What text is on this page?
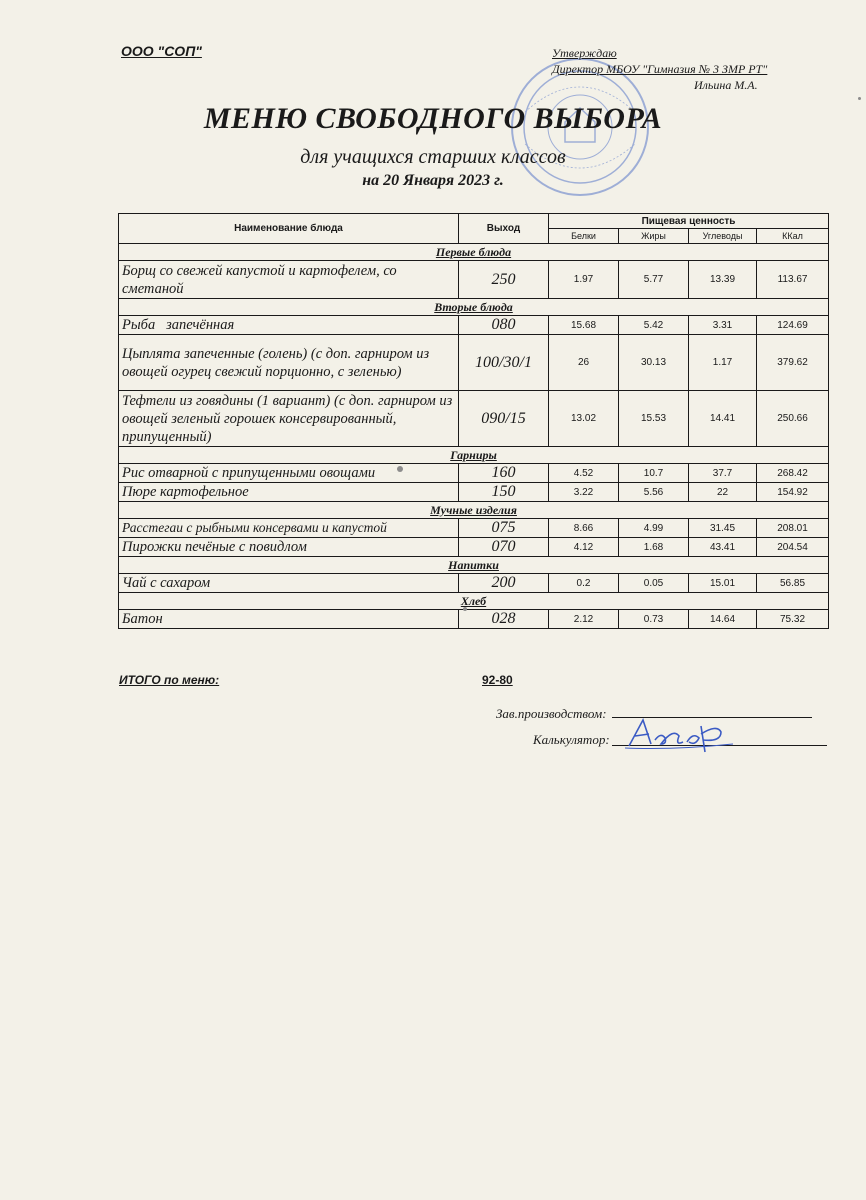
ООО "СОП"	Утверждаю
Директор МБОУ "Гимназия № 3 ЗМР РТ"
Ильина М.А.
МЕНЮ СВОБОДНОГО ВЫБОРА
для учащихся старших классов
на 20 Января 2023 г.
Наименование блюда	Выход	Пищевая ценность			
		Белки	Жиры	Углеводы	ККал
Первые блюда					
Борщ со свежей капустой и картофелем, со сметаной	250	1.97	5.77	13.39	113.67
Вторые блюда					
Рыба   запечённая	080	15.68	5.42	3.31	124.69
Цыплята запеченные (голень) (с доп. гарниром из овощей огурец свежий порционно, с зеленью)	100/30/1	26	30.13	1.17	379.62
Тефтели из говядины (1 вариант) (с доп. гарниром из овощей зеленый горошек консервированный, припущенный)	090/15	13.02	15.53	14.41	250.66
Гарниры					
Рис отварной с припущенными овощами	160	4.52	10.7	37.7	268.42
Пюре картофельное	150	3.22	5.56	22	154.92
Мучные изделия					
Расстегаи с рыбными консервами и капустой	075	8.66	4.99	31.45	208.01
Пирожки печёные с повидлом	070	4.12	1.68	43.41	204.54
Напитки					
Чай с сахаром	200	0.2	0.05	15.01	56.85
Хлеб					
Батон	028	2.12	0.73	14.64	75.32
ИТОГО по меню:	92-80
Зав.производством:
Калькулятор:
